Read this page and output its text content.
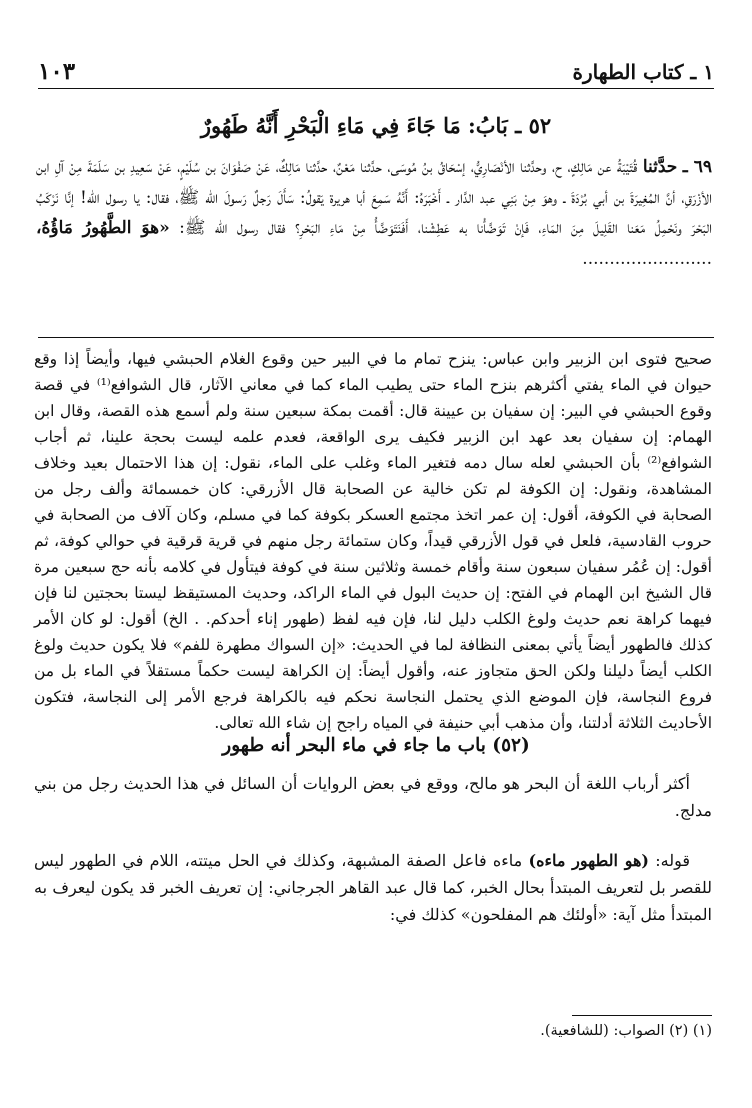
١ ـ كتاب الطهارة
١٠٣
٥٢ ـ بَابُ: مَا جَاءَ فِي مَاءِ الْبَحْرِ أَنَّهُ طَهُورٌ
٦٩ ـ حدَّثنا قُتَيْبَةُ عن مَالِكٍ، ح، وحدَّثنا الأنْصَارِيُّ، إسْحَاقُ بنُ مُوسَى، حدَّثنا مَعْنٌ، حدَّثنا مَالِكٌ، عَنْ صَفْوَانَ بن سُلَيْمٍ، عَنْ سَعِيدِ بن سَلَمَةَ مِنْ آلِ ابن الأزْرَقِ، أنَّ المُغِيرَةَ بن أبي بُرْدَةَ ـ وهوَ مِنْ بَنِي عبد الدَّار ـ أَخْبَرَهُ: أَنَّهُ سَمِعَ أبا هريرة يَقولُ: سَأَلَ رَجلٌ رَسولَ الله ﷺ، فقال: يا رسول الله! إنَّا نَرْكَبُ البَحْرَ ونَحْمِلُ مَعَنا القَلِيلَ مِنَ المَاءِ، فَإنْ تَوَضَّأْنا به عَطِشْنا، أَفَنَتَوَضَّأُ مِنْ مَاءِ البَحْرِ؟ فقال رسول الله ﷺ: «هوَ الطَّهُورُ مَاؤُهُ، ........................
صحيح فتوى ابن الزبير وابن عباس: ينزح تمام ما في البير حين وقوع الغلام الحبشي فيها، وأيضاً إذا وقع حيوان في الماء يفتي أكثرهم بنزح الماء حتى يطيب الماء كما في معاني الآثار، قال الشوافع⁽¹⁾ في قصة وقوع الحبشي في البير: إن سفيان بن عيينة قال: أقمت بمكة سبعين سنة ولم أسمع هذه القصة، وقال ابن الهمام: إن سفيان بعد عهد ابن الزبير فكيف يرى الواقعة، فعدم علمه ليست بحجة علينا، ثم أجاب الشوافع⁽²⁾ بأن الحبشي لعله سال دمه فتغير الماء وغلب على الماء، نقول: إن هذا الاحتمال بعيد وخلاف المشاهدة، ونقول: إن الكوفة لم تكن خالية عن الصحابة قال الأزرقي: كان خمسمائة وألف رجل من الصحابة في الكوفة، أقول: إن عمر اتخذ مجتمع العسكر بكوفة كما في مسلم، وكان آلاف من الصحابة في حروب القادسية، فلعل في قول الأزرقي قيداً، وكان ستمائة رجل منهم في قرية قرقية في حوالي كوفة، ثم أقول: إن عُمُر سفيان سبعون سنة وأقام خمسة وثلاثين سنة في كوفة فيتأول في كلامه بأنه حج سبعين مرة قال الشيخ ابن الهمام في الفتح: إن حديث البول في الماء الراكد، وحديث المستيقظ ليستا بحجتين لنا فإن فيهما كراهة نعم حديث ولوغ الكلب دليل لنا، فإن فيه لفظ (طهور إناء أحدكم. . الخ) أقول: لو كان الأمر كذلك فالطهور أيضاً يأتي بمعنى النظافة لما في الحديث: «إن السواك مطهرة للفم» فلا يكون حديث ولوغ الكلب أيضاً دليلنا ولكن الحق متجاوز عنه، وأقول أيضاً: إن الكراهة ليست حكماً مستقلاً في الماء بل من فروع النجاسة، فإن الموضع الذي يحتمل النجاسة نحكم فيه بالكراهة فرجع الأمر إلى النجاسة، فتكون الأحاديث الثلاثة أدلتنا، وأن مذهب أبي حنيفة في المياه راجح إن شاء الله تعالى.
(٥٢) باب ما جاء في ماء البحر أنه طهور
أكثر أرباب اللغة أن البحر هو مالح، ووقع في بعض الروايات أن السائل في هذا الحديث رجل من بني مدلج.
قوله: (هو الطهور ماءه) ماءه فاعل الصفة المشبهة، وكذلك في الحل ميتته، اللام في الطهور ليس للقصر بل لتعريف المبتدأ بحال الخبر، كما قال عبد القاهر الجرجاني: إن تعريف الخبر قد يكون ليعرف به المبتدأ مثل آية: «أولئك هم المفلحون» كذلك في:
(١) (٢) الصواب: (للشافعية).
